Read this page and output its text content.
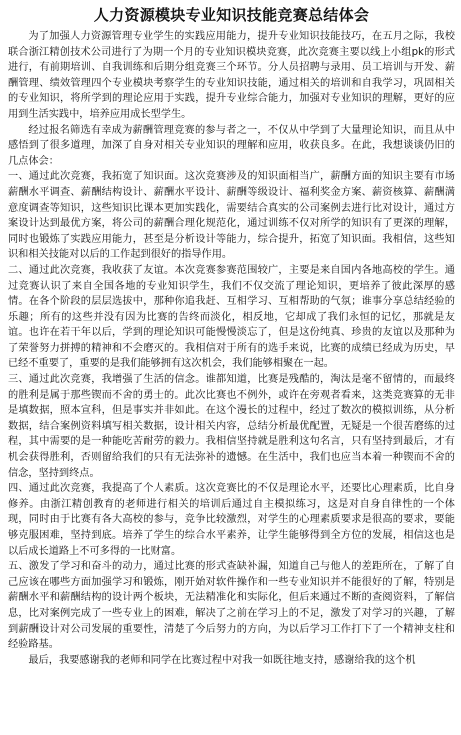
人力资源模块专业知识技能竞赛总结体会

为了加强人力资源管理专业学生的实践应用能力，提升专业知识技能技巧，在五月之际，我校联合浙江精创技术公司进行了为期一个月的专业知识模块竞赛，此次竞赛主要以线上小组pk的形式进行，有前期培训、自我训练和后期分组竞赛三个环节。分人员招聘与录用、员工培训与开发、薪酬管理、绩效管理四个专业模块考察学生的专业知识技能，通过相关的培训和自我学习，巩固相关的专业知识，将所学到的理论应用于实践，提升专业综合能力，加强对专业知识的理解，更好的应用到生活实践中，培养应用成长型学生。

经过报名筛选有幸成为薪酬管理竞赛的参与者之一，不仅从中学到了大量理论知识，而且从中感悟到了很多道理，加深了自身对相关专业知识的理解和应用，收获良多。在此，我想谈谈仍旧的几点体会：

一、通过此次竞赛，我拓宽了知识面。这次竞赛涉及的知识面相当广，薪酬方面的知识主要有市场薪酬水平调查、薪酬结构设计、薪酬水平设计、薪酬等级设计、福利奖金方案、薪资核算、薪酬满意度调查等知识，这些知识比课本更加实践化，需要结合真实的公司案例去进行比对设计，通过方案设计达到最优方案，将公司的薪酬合理化规范化，通过训练不仅对所学的知识有了更深的理解，同时也锻炼了实践应用能力，甚至是分析设计等能力，综合提升，拓宽了知识面。我相信，这些知识和相关技能对以后的工作起到很好的指导作用。

二、通过此次竞赛，我收获了友谊。本次竞赛参赛范围较广，主要是来自国内各地高校的学生。通过竞赛认识了来自全国各地的专业知识学生，我们不仅交流了理论知识，更培养了彼此深厚的感情。在各个阶段的层层选拔中，那种你追我赶、互相学习、互相帮助的气氛；谁事分享总结经验的乐趣；所有的这些并没有因为比赛的告终而淡化，相反地，它却成了我们永恒的记忆，那就是友谊。也许在若干年以后，学到的理论知识可能慢慢淡忘了，但是这份纯真、珍贵的友谊以及那种为了荣誉努力拼搏的精神和不会磨灭的。我相信对于所有的选手来说，比赛的成绩已经成为历史，早已经不重要了，重要的是我们能够拥有这次机会，我们能够相聚在一起。

三、通过此次竞赛，我增强了生活的信念。谁都知道，比赛是残酷的，淘汰是毫不留情的，而最终的胜利是属于那些锲而不舍的勇士的。此次比赛也不例外，或许在旁观者看来，这类竞赛算的无非是填数据，照本宣科，但是事实并非如此。在这个漫长的过程中，经过了数次的模拟训练，从分析数据，结合案例资料填写相关数据，设计相关内容，总结分析最优配置，无疑是一个很苦磨练的过程，其中需要的是一种能吃苦耐劳的毅力。我相信坚持就是胜利这句名言，只有坚持到最后，才有机会获得胜利，否则留给我们的只有无法弥补的遗憾。在生活中，我们也应当本着一种锲而不舍的信念，坚持到终点。

四、通过此次竞赛，我提高了个人素质。这次竞赛比的不仅是理论水平，还要比心理素质，比自身修养。由浙江精创教育的老师进行相关的培训后通过自主模拟练习，这是对自身自律性的一个体现，同时由于比赛有各大高校的参与，竞争比较激烈，对学生的心理素质要求是很高的要求，要能够克服困难，坚持到底。培养了学生的综合水平素养，让学生能够得到全方位的发展，相信这也是以后成长道路上不可多得的一比财富。

五、激发了学习和奋斗的动力，通过比赛的形式查缺补漏，知道自己与他人的差距所在，了解了自己应该在哪些方面加强学习和锻炼，刚开始对软件操作和一些专业知识并不能很好的了解，特别是薪酬水平和薪酬结构的设计两个板块，无法精准化和实际化，但后来通过不断的查阅资料，了解信息，比对案例完成了一些专业上的困难，解决了之前在学习上的不足，激发了对学习的兴趣，了解到薪酬设计对公司发展的重要性，清楚了今后努力的方向，为以后学习工作打下了一个精神支柱和经验路基。

最后，我要感谢我的老师和同学在比赛过程中对我一如既往地支持，感谢给我的这个机
